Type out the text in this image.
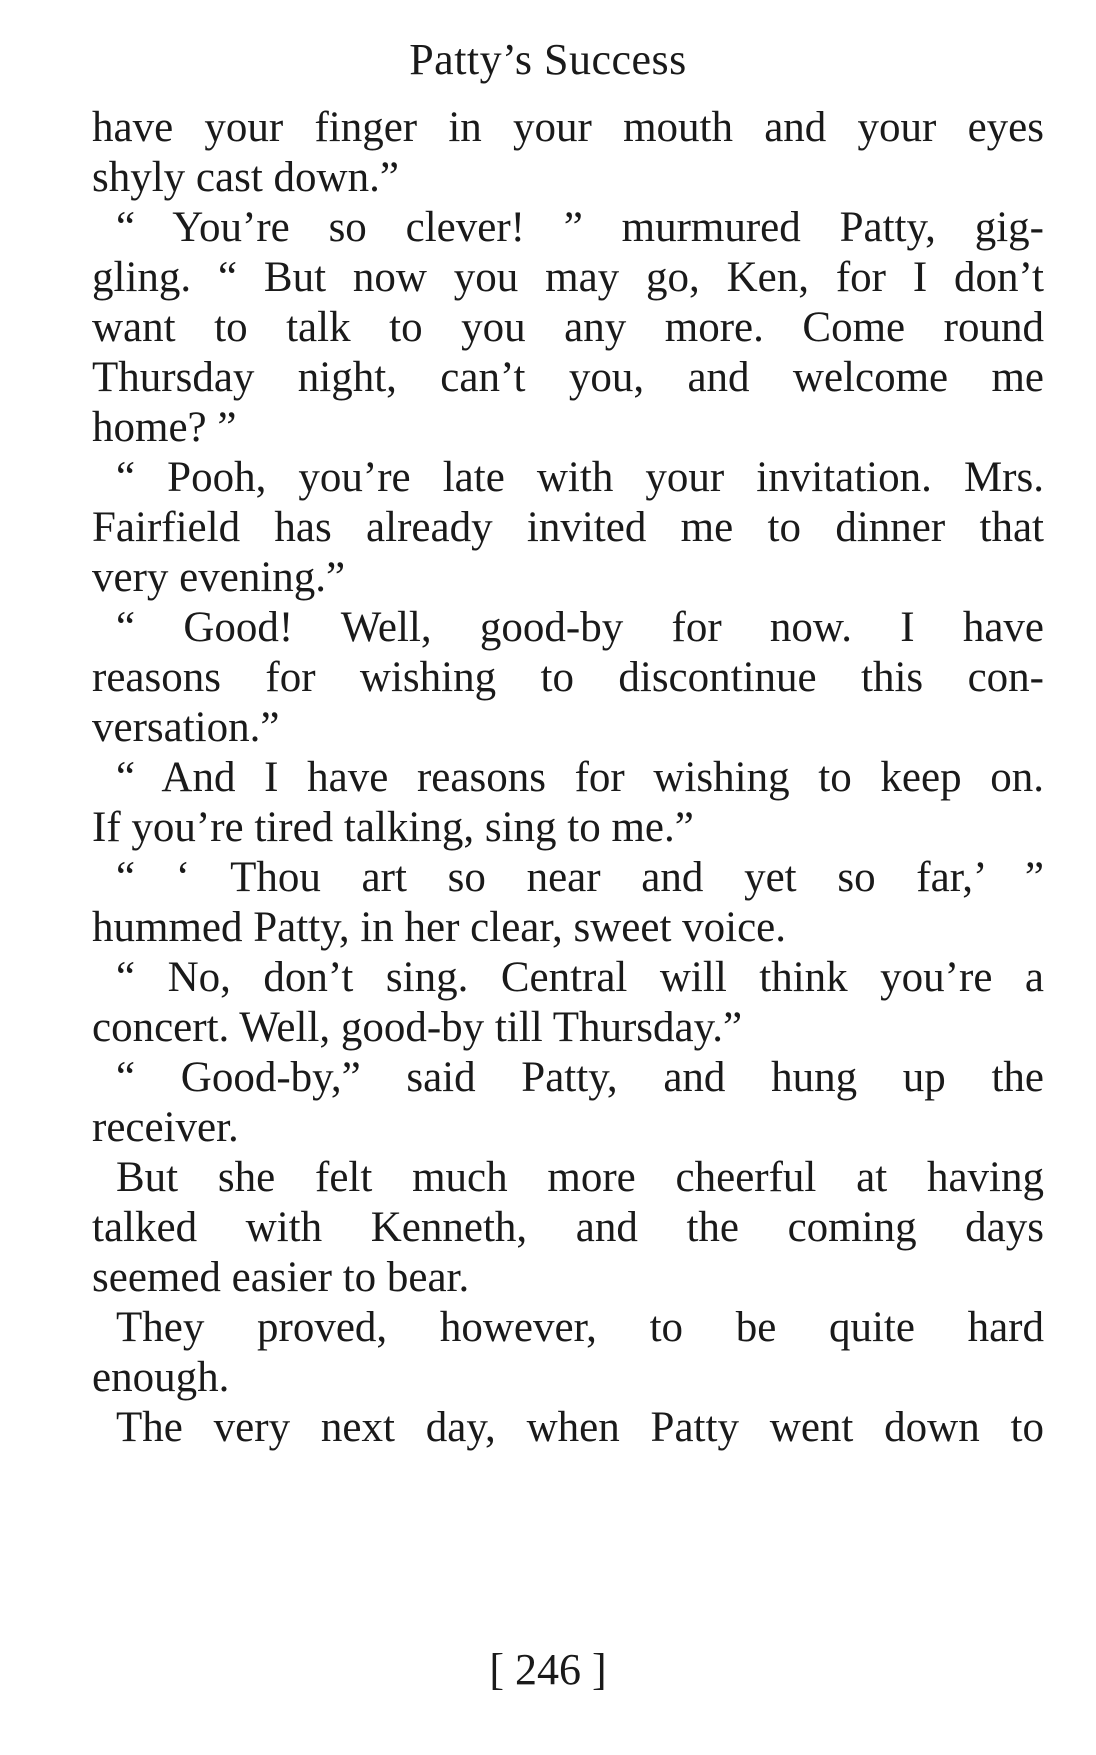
Patty’s Success
have your finger in your mouth and your eyes
shyly cast down.”
“ You’re so clever! ” murmured Patty, gig-
gling. “ But now you may go, Ken, for I don’t
want to talk to you any more. Come round
Thursday night, can’t you, and welcome me
home? ”
“ Pooh, you’re late with your invitation. Mrs.
Fairfield has already invited me to dinner that
very evening.”
“ Good! Well, good-by for now. I have
reasons for wishing to discontinue this con-
versation.”
“ And I have reasons for wishing to keep on.
If you’re tired talking, sing to me.”
“ ‘ Thou art so near and yet so far,’ ”
hummed Patty, in her clear, sweet voice.
“ No, don’t sing. Central will think you’re a
concert. Well, good-by till Thursday.”
“ Good-by,” said Patty, and hung up the
receiver.
But she felt much more cheerful at having
talked with Kenneth, and the coming days
seemed easier to bear.
They proved, however, to be quite hard
enough.
The very next day, when Patty went down to
[ 246 ]
